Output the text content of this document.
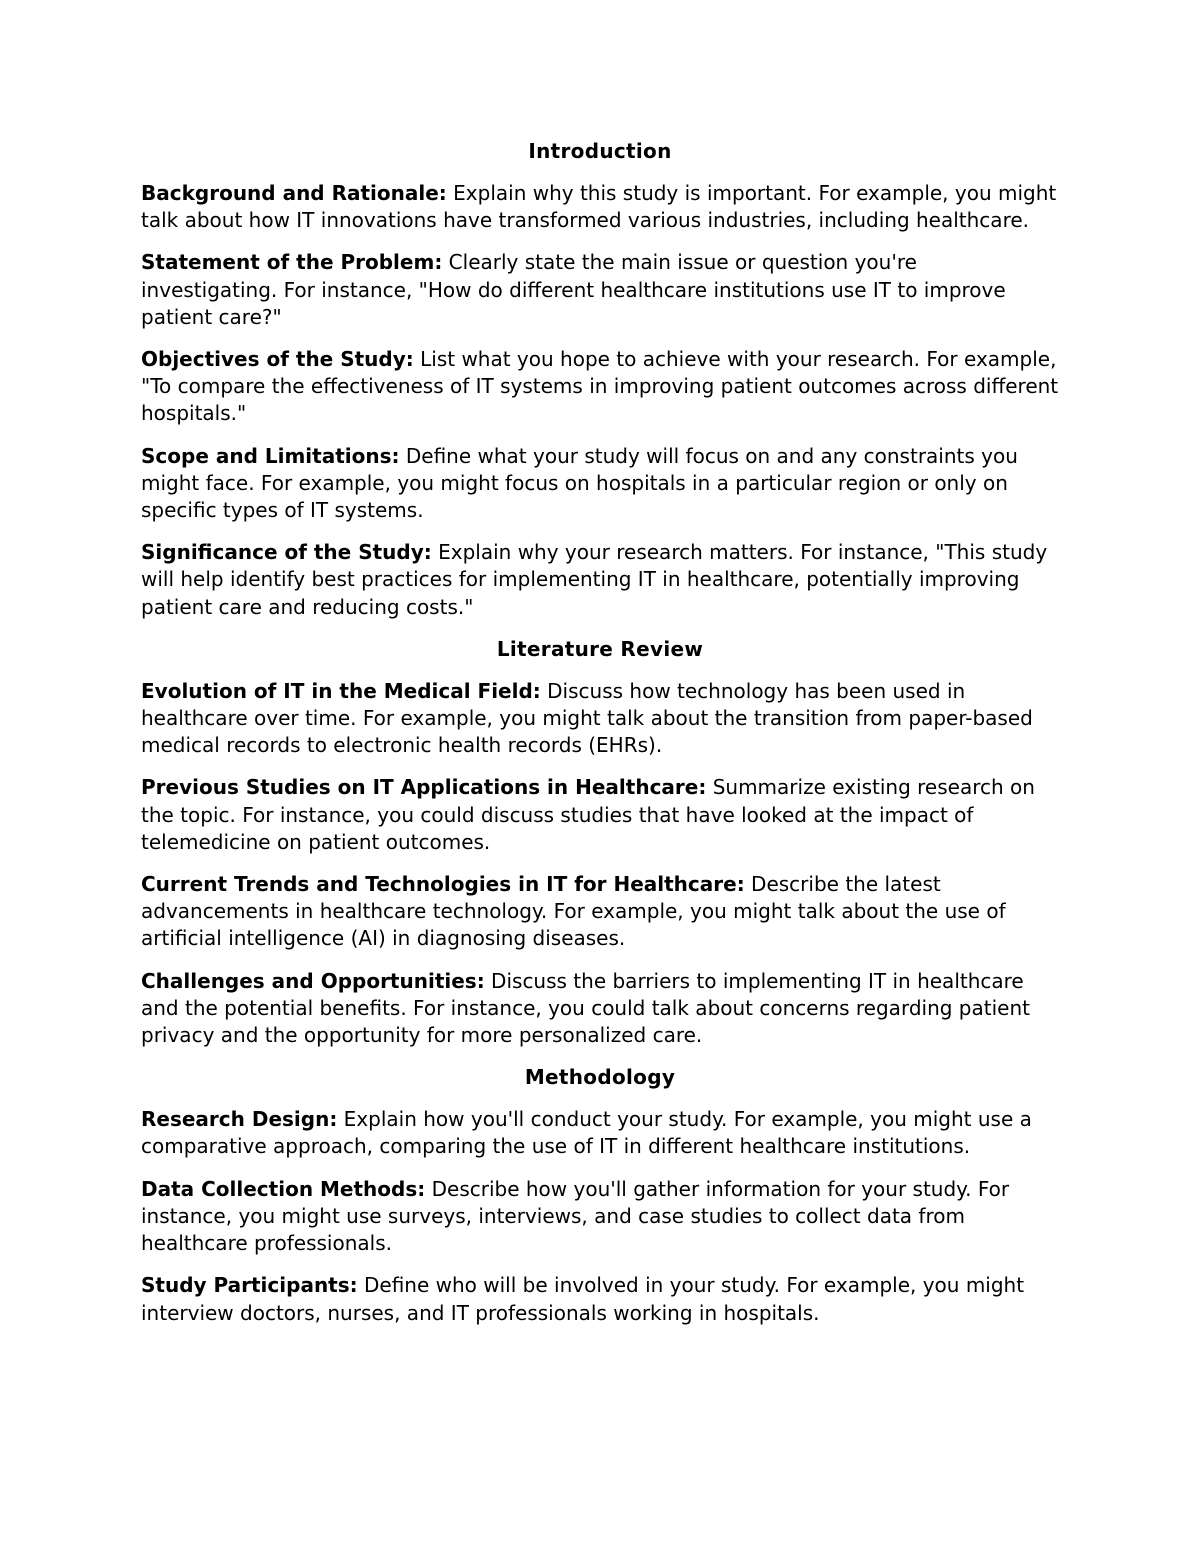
Introduction

Background and Rationale: Explain why this study is important. For example, you might talk about how IT innovations have transformed various industries, including healthcare.

Statement of the Problem: Clearly state the main issue or question you're investigating. For instance, "How do different healthcare institutions use IT to improve patient care?"

Objectives of the Study: List what you hope to achieve with your research. For example, "To compare the effectiveness of IT systems in improving patient outcomes across different hospitals."

Scope and Limitations: Define what your study will focus on and any constraints you might face. For example, you might focus on hospitals in a particular region or only on specific types of IT systems.

Significance of the Study: Explain why your research matters. For instance, "This study will help identify best practices for implementing IT in healthcare, potentially improving patient care and reducing costs."

Literature Review

Evolution of IT in the Medical Field: Discuss how technology has been used in healthcare over time. For example, you might talk about the transition from paper-based medical records to electronic health records (EHRs).

Previous Studies on IT Applications in Healthcare: Summarize existing research on the topic. For instance, you could discuss studies that have looked at the impact of telemedicine on patient outcomes.

Current Trends and Technologies in IT for Healthcare: Describe the latest advancements in healthcare technology. For example, you might talk about the use of artificial intelligence (AI) in diagnosing diseases.

Challenges and Opportunities: Discuss the barriers to implementing IT in healthcare and the potential benefits. For instance, you could talk about concerns regarding patient privacy and the opportunity for more personalized care.

Methodology

Research Design: Explain how you'll conduct your study. For example, you might use a comparative approach, comparing the use of IT in different healthcare institutions.

Data Collection Methods: Describe how you'll gather information for your study. For instance, you might use surveys, interviews, and case studies to collect data from healthcare professionals.

Study Participants: Define who will be involved in your study. For example, you might interview doctors, nurses, and IT professionals working in hospitals.
